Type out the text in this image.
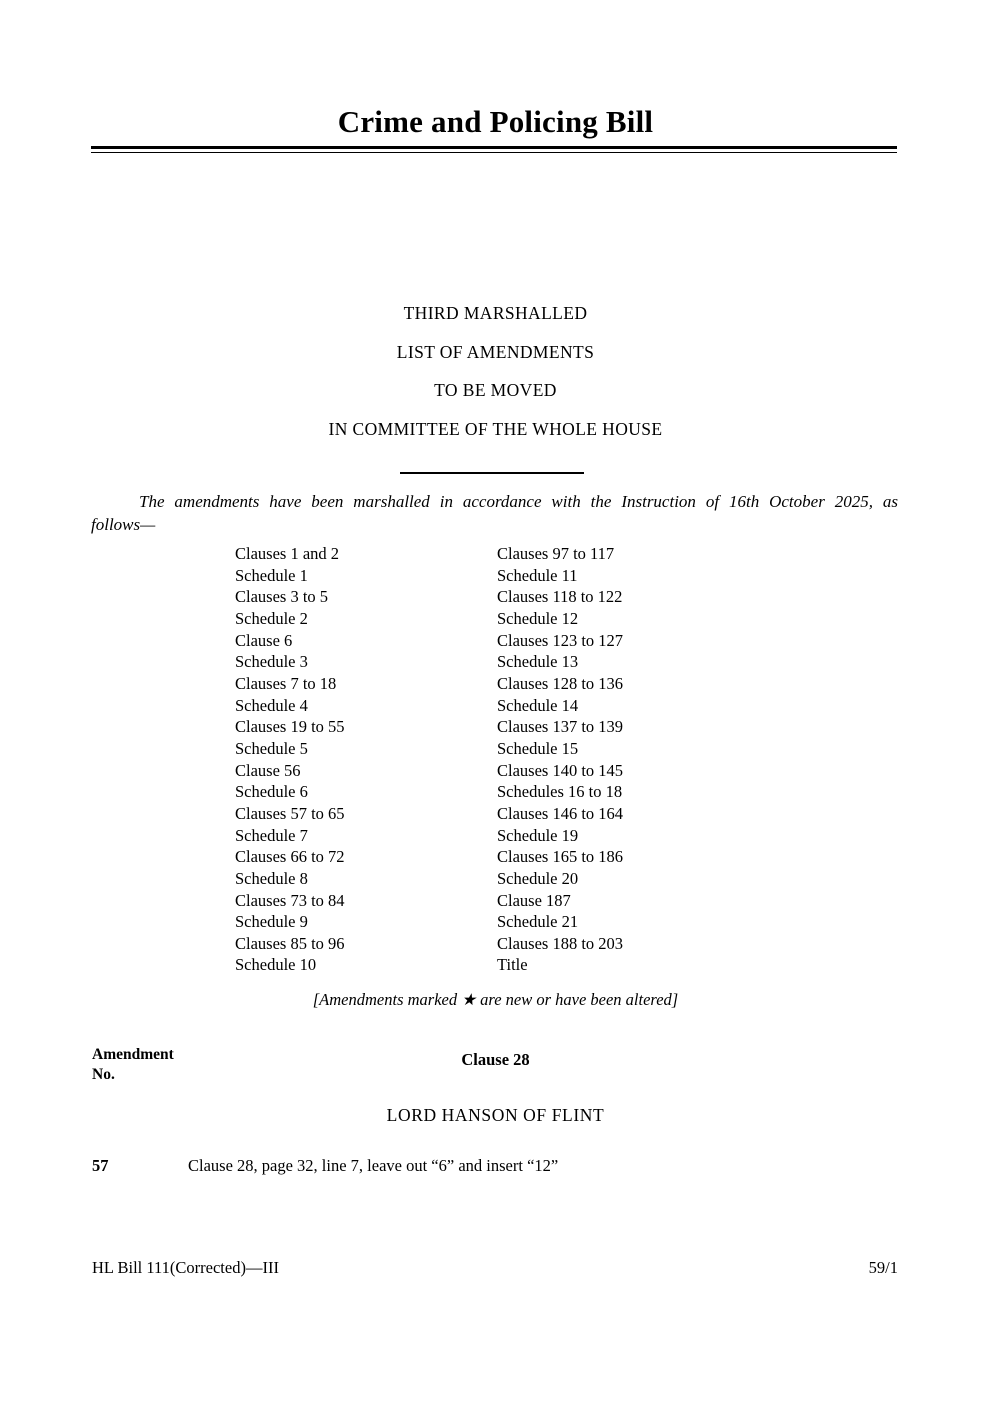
Crime and Policing Bill
THIRD MARSHALLED
LIST OF AMENDMENTS
TO BE MOVED
IN COMMITTEE OF THE WHOLE HOUSE

The amendments have been marshalled in accordance with the Instruction of 16th October 2025, as
follows—

Clauses 1 and 2
Schedule 1
Clauses 3 to 5
Schedule 2
Clause 6
Schedule 3
Clauses 7 to 18
Schedule 4
Clauses 19 to 55
Schedule 5
Clause 56
Schedule 6
Clauses 57 to 65
Schedule 7
Clauses 66 to 72
Schedule 8
Clauses 73 to 84
Schedule 9
Clauses 85 to 96
Schedule 10
Clauses 97 to 117
Schedule 11
Clauses 118 to 122
Schedule 12
Clauses 123 to 127
Schedule 13
Clauses 128 to 136
Schedule 14
Clauses 137 to 139
Schedule 15
Clauses 140 to 145
Schedules 16 to 18
Clauses 146 to 164
Schedule 19
Clauses 165 to 186
Schedule 20
Clause 187
Schedule 21
Clauses 188 to 203
Title

[Amendments marked ★ are new or have been altered]

Amendment
No.
Clause 28
LORD HANSON OF FLINT
57	Clause 28, page 32, line 7, leave out “6” and insert “12”
HL Bill 111(Corrected)—III	59/1
